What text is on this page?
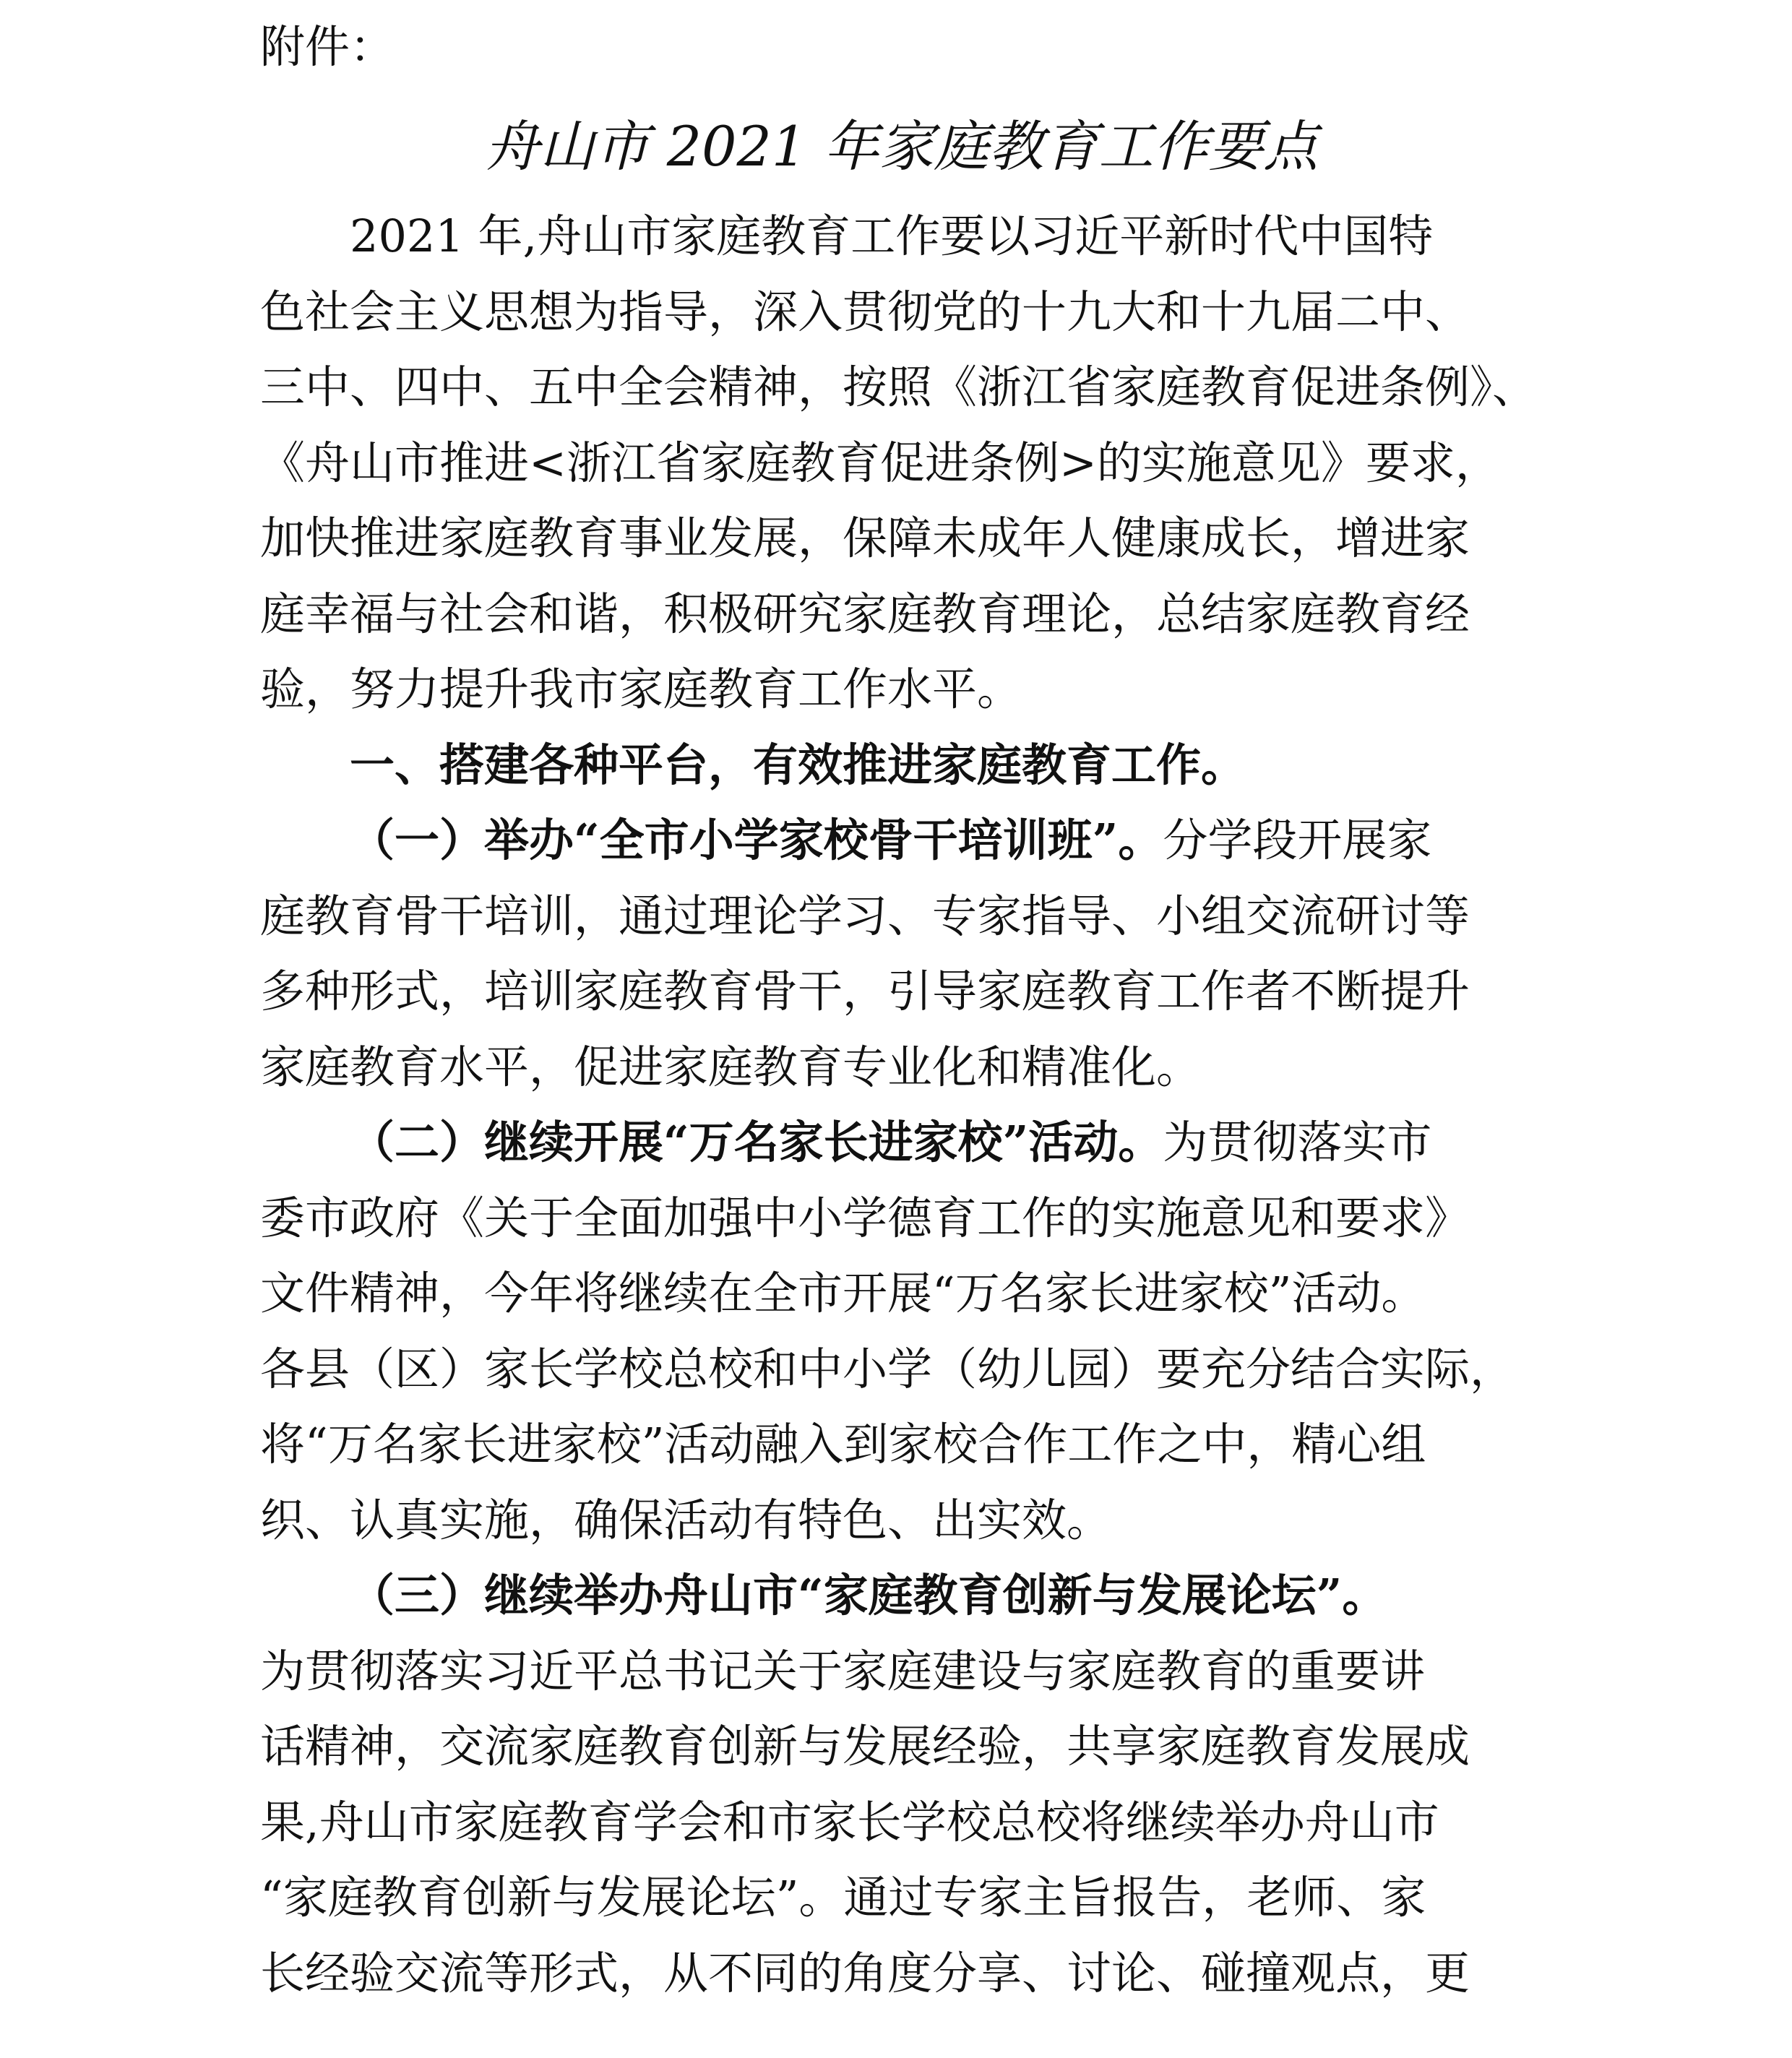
附件：
舟山市 2021 年家庭教育工作要点
2021 年,舟山市家庭教育工作要以习近平新时代中国特
色社会主义思想为指导，深入贯彻党的十九大和十九届二中、
三中、四中、五中全会精神，按照《浙江省家庭教育促进条例》、
《舟山市推进<浙江省家庭教育促进条例>的实施意见》要求，
加快推进家庭教育事业发展，保障未成年人健康成长，增进家
庭幸福与社会和谐，积极研究家庭教育理论，总结家庭教育经
验，努力提升我市家庭教育工作水平。
一、搭建各种平台，有效推进家庭教育工作。
（一）举办“全市小学家校骨干培训班”。分学段开展家
庭教育骨干培训，通过理论学习、专家指导、小组交流研讨等
多种形式，培训家庭教育骨干，引导家庭教育工作者不断提升
家庭教育水平，促进家庭教育专业化和精准化。
（二）继续开展“万名家长进家校”活动。为贯彻落实市
委市政府《关于全面加强中小学德育工作的实施意见和要求》
文件精神，今年将继续在全市开展“万名家长进家校”活动。
各县（区）家长学校总校和中小学（幼儿园）要充分结合实际，
将“万名家长进家校”活动融入到家校合作工作之中，精心组
织、认真实施，确保活动有特色、出实效。
（三）继续举办舟山市“家庭教育创新与发展论坛”。
为贯彻落实习近平总书记关于家庭建设与家庭教育的重要讲
话精神，交流家庭教育创新与发展经验，共享家庭教育发展成
果,舟山市家庭教育学会和市家长学校总校将继续举办舟山市
“家庭教育创新与发展论坛”。通过专家主旨报告，老师、家
长经验交流等形式，从不同的角度分享、讨论、碰撞观点，更
